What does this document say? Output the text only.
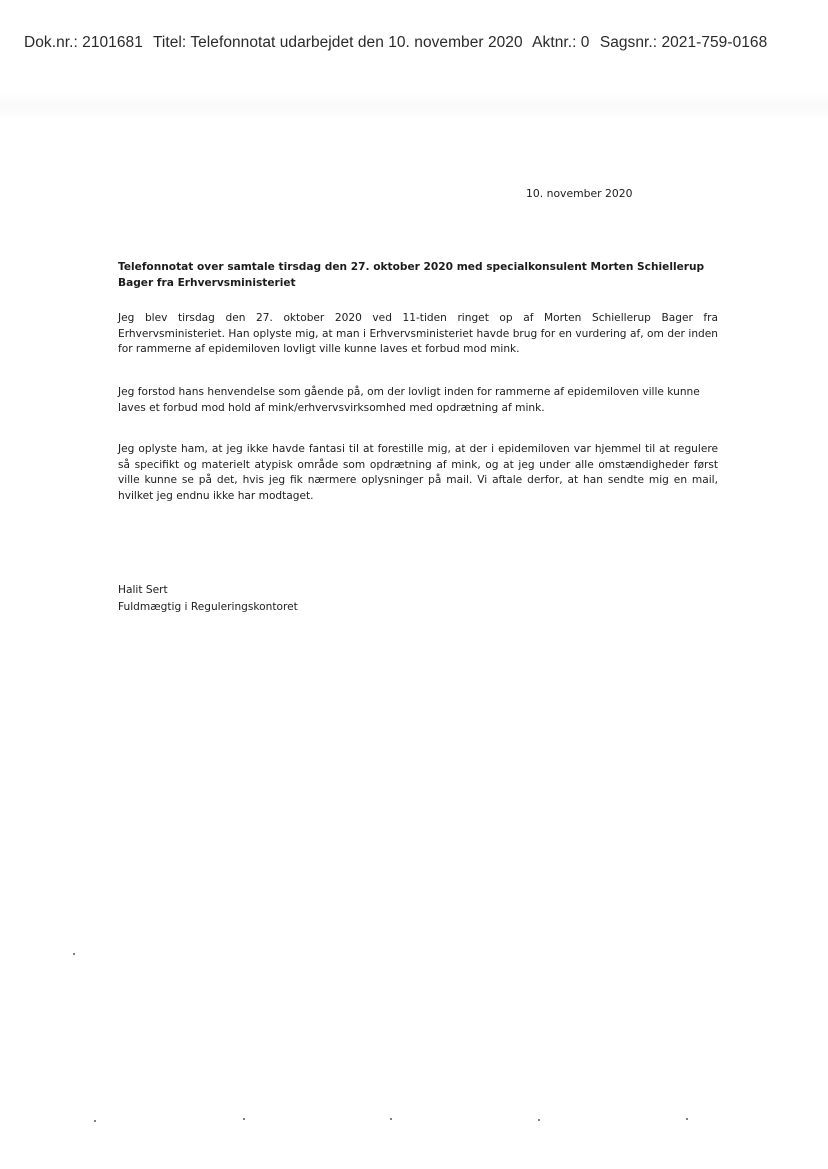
Dok.nr.: 2101681 Titel: Telefonnotat udarbejdet den 10. november 2020 Aktnr.: 0 Sagsnr.: 2021-759-0168
10. november 2020
Telefonnotat over samtale tirsdag den 27. oktober 2020 med specialkonsulent Morten Schiellerup
Bager fra Erhvervsministeriet
Jeg blev tirsdag den 27. oktober 2020 ved 11-tiden ringet op af Morten Schiellerup Bager fra Erhvervsministeriet. Han oplyste mig, at man i Erhvervsministeriet havde brug for en vurdering af, om der inden for rammerne af epidemiloven lovligt ville kunne laves et forbud mod mink.
Jeg forstod hans henvendelse som gående på, om der lovligt inden for rammerne af epidemiloven ville kunne laves et forbud mod hold af mink/erhvervsvirksomhed med opdrætning af mink.
Jeg oplyste ham, at jeg ikke havde fantasi til at forestille mig, at der i epidemiloven var hjemmel til at regulere så specifikt og materielt atypisk område som opdrætning af mink, og at jeg under alle omstændigheder først ville kunne se på det, hvis jeg fik nærmere oplysninger på mail. Vi aftale derfor, at han sendte mig en mail, hvilket jeg endnu ikke har modtaget.
Halit Sert
Fuldmægtig i Reguleringskontoret
